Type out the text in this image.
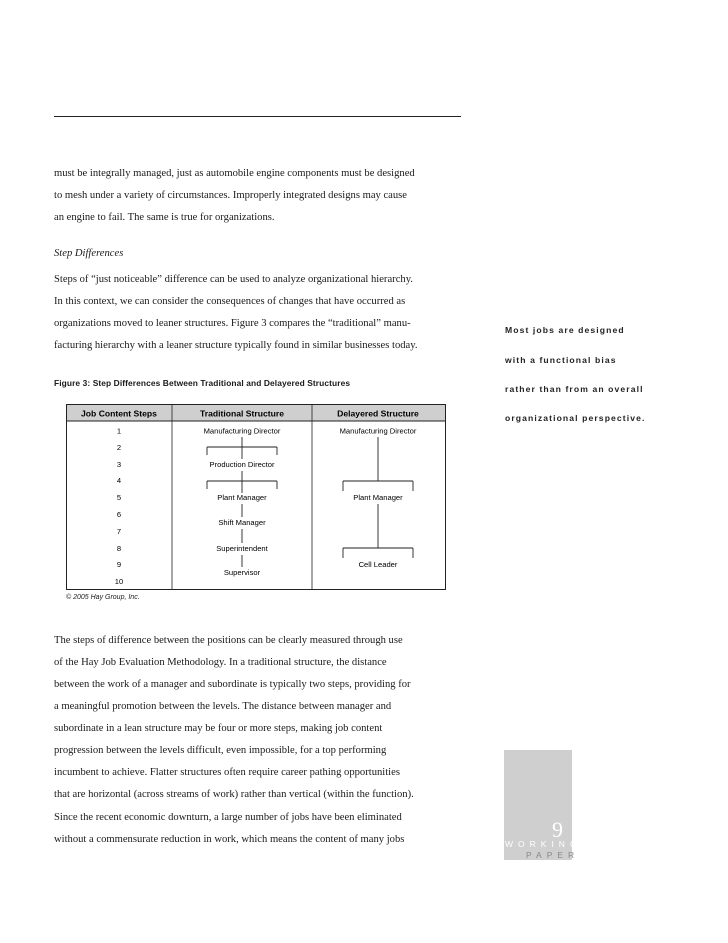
must be integrally managed, just as automobile engine components must be designed
to mesh under a variety of circumstances. Improperly integrated designs may cause
an engine to fail. The same is true for organizations.
Step Differences
Steps of “just noticeable” difference can be used to analyze organizational hierarchy.
In this context, we can consider the consequences of changes that have occurred as
organizations moved to leaner structures. Figure 3 compares the “traditional” manu-
facturing hierarchy with a leaner structure typically found in similar businesses today.
Figure 3: Step Differences Between Traditional and Delayered Structures
Job Content Steps	Traditional Structure	Delayered Structure
1
2
3
4
5
6
7
8
9
10
Manufacturing Director
Production Director
Plant Manager
Shift Manager
Superintendent
Supervisor
Manufacturing Director
Plant Manager
Cell Leader
© 2005 Hay Group, Inc.
The steps of difference between the positions can be clearly measured through use
of the Hay Job Evaluation Methodology. In a traditional structure, the distance
between the work of a manager and subordinate is typically two steps, providing for
a meaningful promotion between the levels. The distance between manager and
subordinate in a lean structure may be four or more steps, making job content
progression between the levels difficult, even impossible, for a top performing
incumbent to achieve. Flatter structures often require career pathing opportunities
that are horizontal (across streams of work) rather than vertical (within the function).
Since the recent economic downturn, a large number of jobs have been eliminated
without a commensurate reduction in work, which means the content of many jobs
Most jobs are designed
with a functional bias
rather than from an overall
organizational perspective.
9
WORKING
PAPER
